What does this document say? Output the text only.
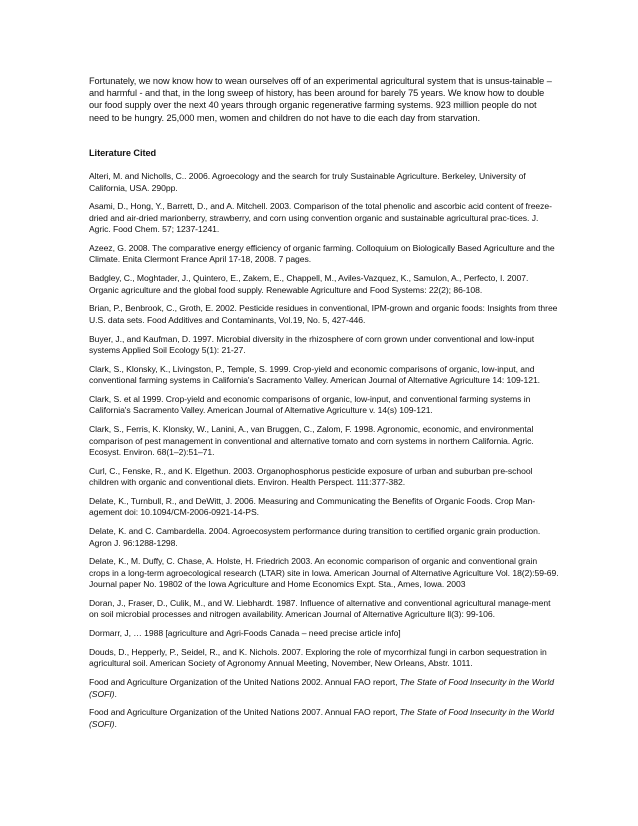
Fortunately, we now know how to wean ourselves off of an experimental agricultural system that is unsus-tainable – and harmful - and that, in the long sweep of history, has been around for barely 75 years. We know how to double our food supply over the next 40 years through organic regenerative farming systems. 923 million people do not need to be hungry. 25,000 men, women and children do not have to die each day from starvation.

Literature Cited

Alteri, M. and Nicholls, C.. 2006. Agroecology and the search for truly Sustainable Agriculture. Berkeley, University of California, USA. 290pp.

Asami, D., Hong, Y., Barrett, D., and A. Mitchell. 2003. Comparison of the total phenolic and ascorbic acid content of freeze-dried and air-dried marionberry, strawberry, and corn using convention organic and sustainable agricultural prac-tices. J. Agric. Food Chem. 57; 1237-1241.

Azeez, G. 2008. The comparative energy efficiency of organic farming. Colloquium on Biologically Based Agriculture and the Climate. Enita Clermont France April 17-18, 2008. 7 pages.

Badgley, C., Moghtader, J., Quintero, E., Zakem, E., Chappell, M., Aviles-Vazquez, K., Samulon, A., Perfecto, I. 2007. Organic agriculture and the global food supply. Renewable Agriculture and Food Systems: 22(2); 86-108.

Brian, P., Benbrook, C., Groth, E. 2002. Pesticide residues in conventional, IPM-grown and organic foods: Insights from three U.S. data sets. Food Additives and Contaminants, Vol.19, No. 5, 427-446.

Buyer, J., and Kaufman, D. 1997. Microbial diversity in the rhizosphere of corn grown under conventional and low-input systems Applied Soil Ecology 5(1): 21-27.

Clark, S., Klonsky, K., Livingston, P., Temple, S. 1999. Crop-yield and economic comparisons of organic, low-input, and conventional farming systems in California's Sacramento Valley. American Journal of Alternative Agriculture 14: 109-121.

Clark, S. et al 1999. Crop-yield and economic comparisons of organic, low-input, and conventional farming systems in California's Sacramento Valley. American Journal of Alternative Agriculture v. 14(s) 109-121.

Clark, S., Ferris, K. Klonsky, W., Lanini, A., van Bruggen, C., Zalom, F. 1998. Agronomic, economic, and environmental comparison of pest management in conventional and alternative tomato and corn systems in northern California. Agric. Ecosyst. Environ. 68(1–2):51–71.

Curl, C., Fenske, R., and K. Elgethun. 2003. Organophosphorus pesticide exposure of urban and suburban pre-school children with organic and conventional diets. Environ. Health Perspect. 111:377-382.

Delate, K., Turnbull, R., and DeWitt, J. 2006. Measuring and Communicating the Benefits of Organic Foods. Crop Man-agement doi: 10.1094/CM-2006-0921-14-PS.

Delate, K. and C. Cambardella. 2004. Agroecosystem performance during transition to certified organic grain production. Agron J. 96:1288-1298.

Delate, K., M. Duffy, C. Chase, A. Holste, H. Friedrich 2003. An economic comparison of organic and conventional grain crops in a long-term agroecological research (LTAR) site in Iowa. American Journal of Alternative Agriculture Vol. 18(2):59-69. Journal paper No. 19802 of the Iowa Agriculture and Home Economics Expt. Sta., Ames, Iowa. 2003

Doran, J., Fraser, D., Culik, M., and W. Liebhardt. 1987. Influence of alternative and conventional agricultural manage-ment on soil microbial processes and nitrogen availability. American Journal of Alternative Agriculture ll(3): 99-106.

Dormarr, J, … 1988 [agriculture and Agri-Foods Canada – need precise article info]

Douds, D., Hepperly, P., Seidel, R., and K. Nichols. 2007. Exploring the role of mycorrhizal fungi in carbon sequestration in agricultural soil. American Society of Agronomy Annual Meeting, November, New Orleans, Abstr. 1011.

Food and Agriculture Organization of the United Nations 2002. Annual FAO report, The State of Food Insecurity in the World (SOFI).

Food and Agriculture Organization of the United Nations 2007. Annual FAO report, The State of Food Insecurity in the World (SOFI).
